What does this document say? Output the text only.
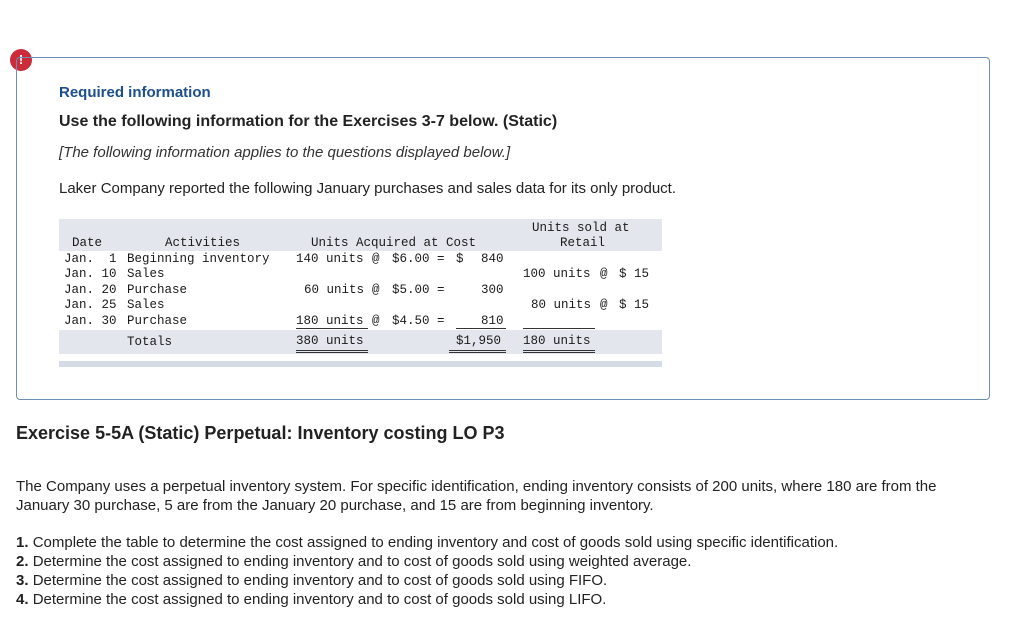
!
Required information
Use the following information for the Exercises 3-7 below. (Static)
[The following information applies to the questions displayed below.]
Laker Company reported the following January purchases and sales data for its only product.
Date	Activities	Units Acquired at Cost
Units sold at
Retail
Jan.  1 Beginning inventory 140 units @ $6.00 = $ 840
Jan. 10 Sales	100 units @ $ 15
Jan. 20 Purchase	60 units @ $5.00 =	300
Jan. 25 Sales	80 units @ $ 15
Jan. 30 Purchase	180 units @ $4.50 =	810
Totals	380 units	$1,950 180 units
Exercise 5-5A (Static) Perpetual: Inventory costing LO P3
The Company uses a perpetual inventory system. For specific identification, ending inventory consists of 200 units, where 180 are from the January 30 purchase, 5 are from the January 20 purchase, and 15 are from beginning inventory.
1. Complete the table to determine the cost assigned to ending inventory and cost of goods sold using specific identification.
2. Determine the cost assigned to ending inventory and to cost of goods sold using weighted average.
3. Determine the cost assigned to ending inventory and to cost of goods sold using FIFO.
4. Determine the cost assigned to ending inventory and to cost of goods sold using LIFO.
